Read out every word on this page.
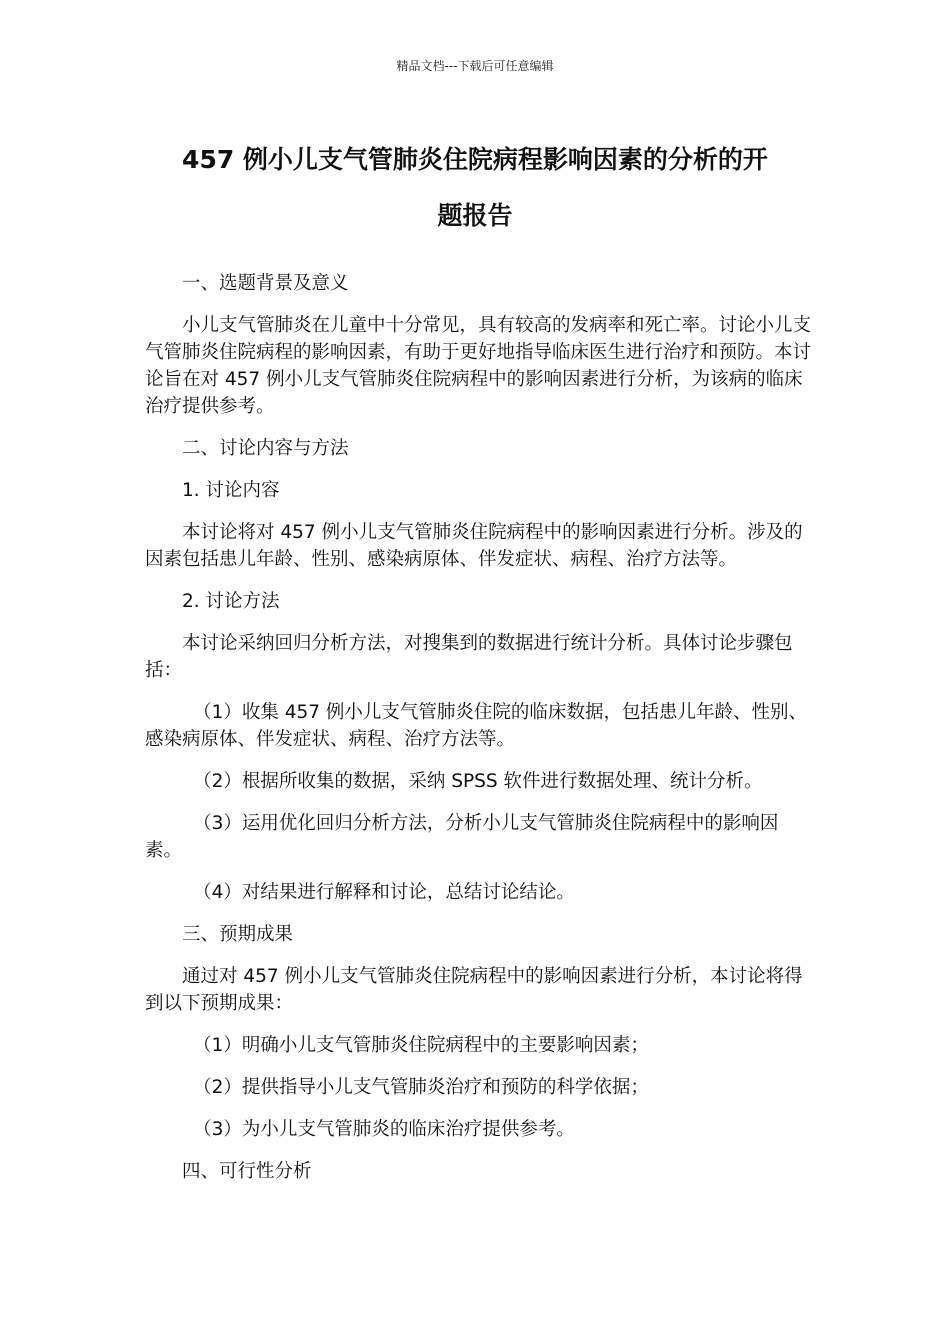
精品文档---下载后可任意编辑
457 例小儿支气管肺炎住院病程影响因素的分析的开
题报告

一、选题背景及意义

小儿支气管肺炎在儿童中十分常见，具有较高的发病率和死亡率。讨论小儿支气管肺炎住院病程的影响因素，有助于更好地指导临床医生进行治疗和预防。本讨论旨在对 457 例小儿支气管肺炎住院病程中的影响因素进行分析，为该病的临床治疗提供参考。

二、讨论内容与方法

1. 讨论内容

本讨论将对 457 例小儿支气管肺炎住院病程中的影响因素进行分析。涉及的因素包括患儿年龄、性别、感染病原体、伴发症状、病程、治疗方法等。

2. 讨论方法

本讨论采纳回归分析方法，对搜集到的数据进行统计分析。具体讨论步骤包括：

（1）收集 457 例小儿支气管肺炎住院的临床数据，包括患儿年龄、性别、感染病原体、伴发症状、病程、治疗方法等。

（2）根据所收集的数据，采纳 SPSS 软件进行数据处理、统计分析。

（3）运用优化回归分析方法，分析小儿支气管肺炎住院病程中的影响因素。

（4）对结果进行解释和讨论，总结讨论结论。

三、预期成果

通过对 457 例小儿支气管肺炎住院病程中的影响因素进行分析，本讨论将得到以下预期成果：

（1）明确小儿支气管肺炎住院病程中的主要影响因素；

（2）提供指导小儿支气管肺炎治疗和预防的科学依据；

（3）为小儿支气管肺炎的临床治疗提供参考。

四、可行性分析
